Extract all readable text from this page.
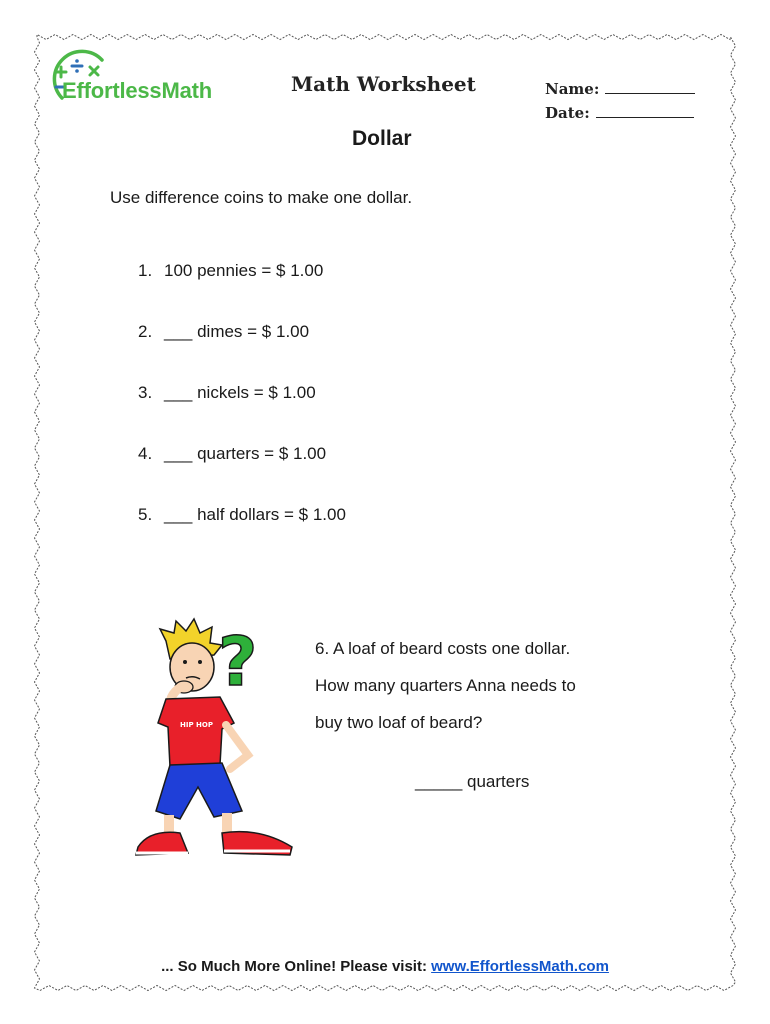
EffortlessMath	Math Worksheet	Name:
Date:
Dollar
Use difference coins to make one dollar.
1. 100 pennies = $ 1.00
2. ___ dimes = $ 1.00
3. ___ nickels = $ 1.00
4. ___ quarters = $ 1.00
5. ___ half dollars = $ 1.00
?
HIP HOP
6. A loaf of beard costs one dollar.
How many quarters Anna needs to
buy two loaf of beard?
_____ quarters
... So Much More Online! Please visit: www.EffortlessMath.com
